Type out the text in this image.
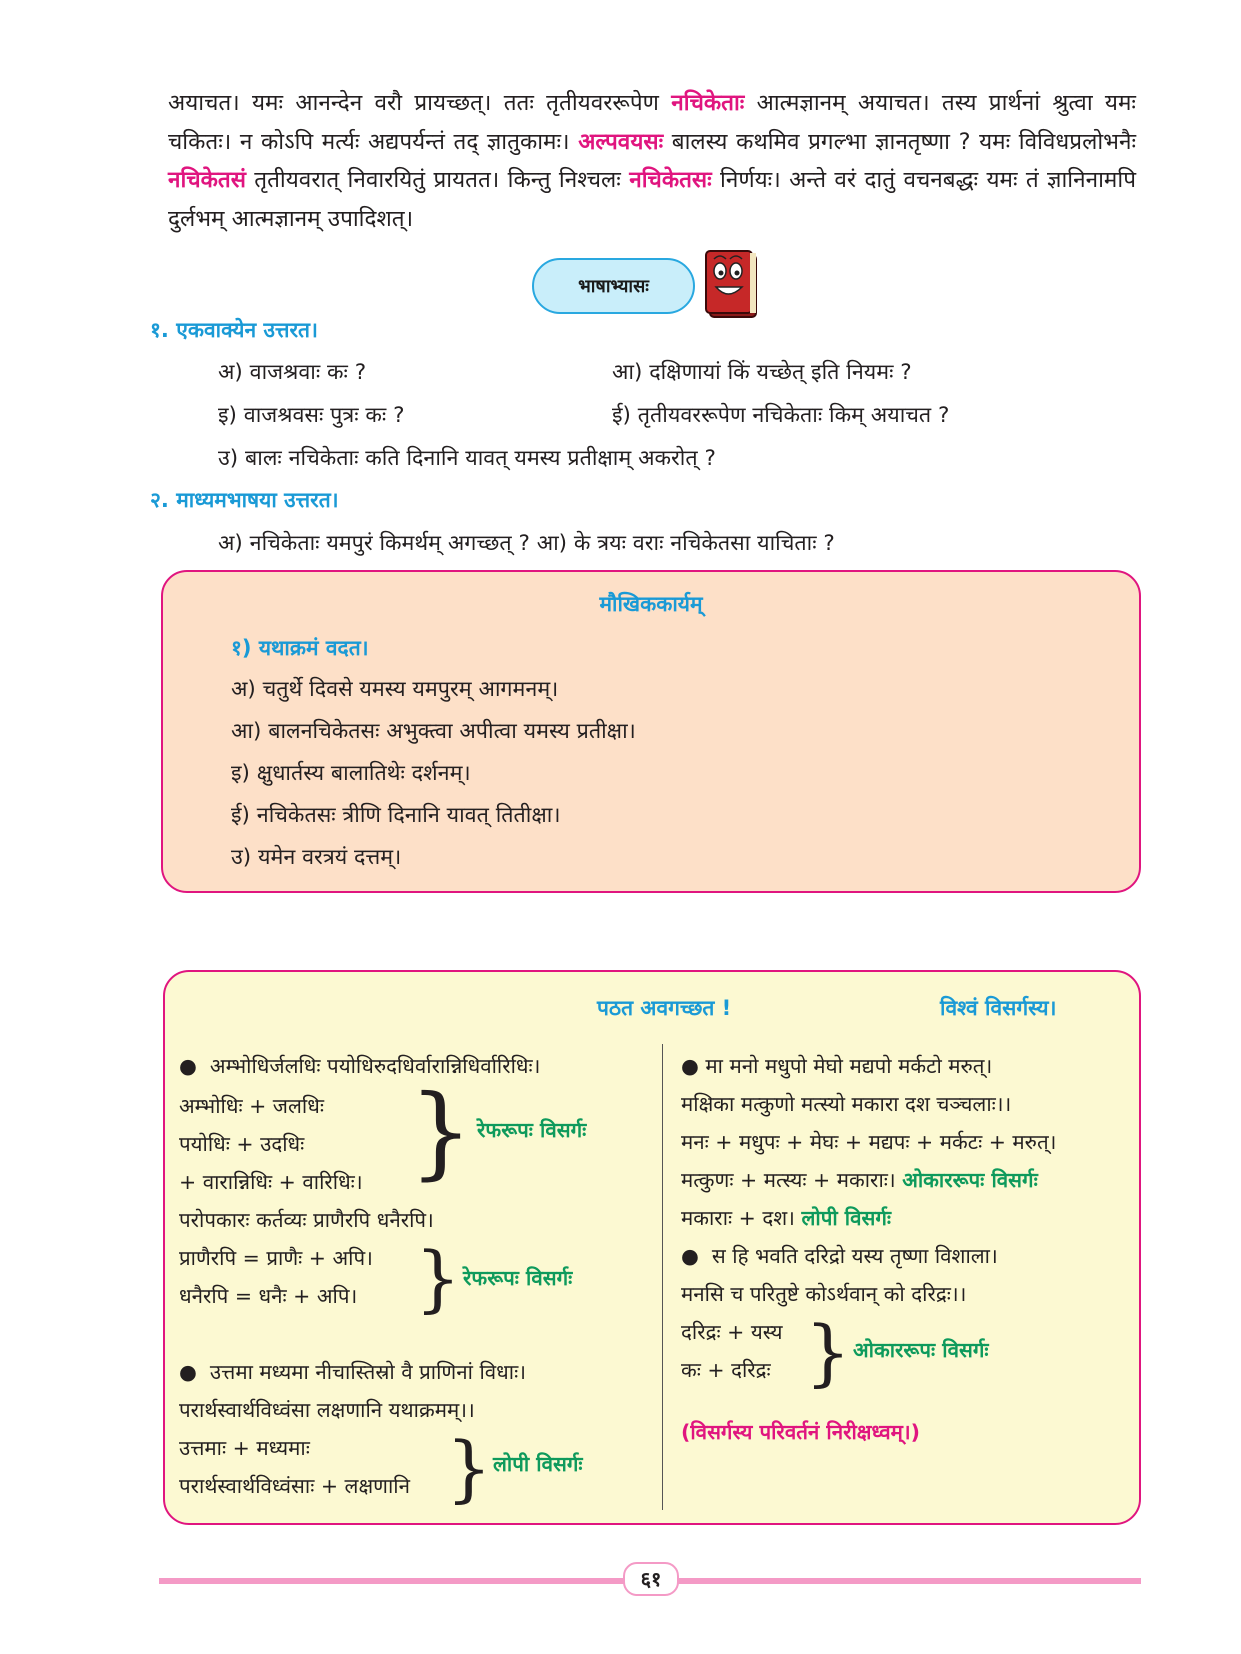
अयाचत। यमः आनन्देन वरौ प्रायच्छत्। ततः तृतीयवररूपेण नचिकेताः आत्मज्ञानम् अयाचत। तस्य प्रार्थनां श्रुत्वा यमः चकितः। न कोऽपि मर्त्यः अद्यपर्यन्तं तद् ज्ञातुकामः। अल्पवयसः बालस्य कथमिव प्रगल्भा ज्ञानतृष्णा ? यमः विविधप्रलोभनैः नचिकेतसं तृतीयवरात् निवारयितुं प्रायतत। किन्तु निश्चलः नचिकेतसः निर्णयः। अन्ते वरं दातुं वचनबद्धः यमः तं ज्ञानिनामपि दुर्लभम् आत्मज्ञानम् उपादिशत्।
भाषाभ्यासः
१. एकवाक्येन उत्तरत।
अ) वाजश्रवाः कः ?	आ) दक्षिणायां किं यच्छेत् इति नियमः ?
इ) वाजश्रवसः पुत्रः कः ?	ई) तृतीयवररूपेण नचिकेताः किम् अयाचत ?
उ) बालः नचिकेताः कति दिनानि यावत् यमस्य प्रतीक्षाम् अकरोत् ?
२. माध्यमभाषया उत्तरत।
अ) नचिकेताः यमपुरं किमर्थम् अगच्छत् ? आ) के त्रयः वराः नचिकेतसा याचिताः ?
मौखिककार्यम्
१) यथाक्रमं वदत।
अ) चतुर्थे दिवसे यमस्य यमपुरम् आगमनम्।
आ) बालनचिकेतसः अभुक्त्वा अपीत्वा यमस्य प्रतीक्षा।
इ) क्षुधार्तस्य बालातिथेः दर्शनम्।
ई) नचिकेतसः त्रीणि दिनानि यावत् तितीक्षा।
उ) यमेन वरत्रयं दत्तम्।
पठत अवगच्छत !	विश्वं विसर्गस्य।
●  अम्भोधिर्जलधिः पयोधिरुदधिर्वारान्निधिर्वारिधिः।
अम्भोधिः + जलधिः
पयोधिः + उदधिः
+ वारान्निधिः + वारिधिः। } रेफरूपः विसर्गः
परोपकारः कर्तव्यः प्राणैरपि धनैरपि।
प्राणैरपि = प्राणैः + अपि।
धनैरपि = धनैः + अपि। } रेफरूपः विसर्गः
●  उत्तमा मध्यमा नीचास्तिस्रो वै प्राणिनां विधाः।
परार्थस्वार्थविध्वंसा लक्षणानि यथाक्रमम्।।
उत्तमाः + मध्यमाः
परार्थस्वार्थविध्वंसाः + लक्षणानि } लोपी विसर्गः
● मा मनो मधुपो मेघो मद्यपो मर्कटो मरुत्।
मक्षिका मत्कुणो मत्स्यो मकारा दश चञ्चलाः।।
मनः + मधुपः + मेघः + मद्यपः + मर्कटः + मरुत्।
मत्कुणः + मत्स्यः + मकाराः। ओकाररूपः विसर्गः
मकाराः + दश। लोपी विसर्गः
●  स हि भवति दरिद्रो यस्य तृष्णा विशाला।
मनसि च परितुष्टे कोऽर्थवान् को दरिद्रः।।
दरिद्रः + यस्य
कः + दरिद्रः } ओकाररूपः विसर्गः
(विसर्गस्य परिवर्तनं निरीक्षध्वम्।)
६१
